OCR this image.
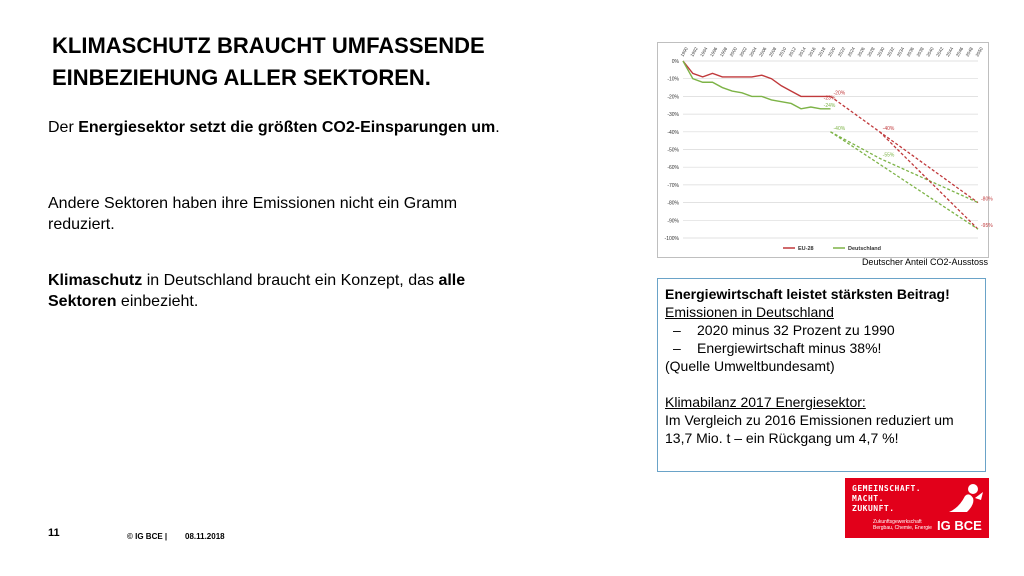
KLIMASCHUTZ BRAUCHT UMFASSENDE
EINBEZIEHUNG ALLER SEKTOREN.
Der Energiesektor setzt die größten CO2-Einsparungen um.
Andere Sektoren haben ihre Emissionen nicht ein Gramm reduziert.
Klimaschutz in Deutschland braucht ein Konzept, das alle Sektoren einbezieht.
0%
-10%
-20%
-30%
-40%
-50%
-60%
-70%
-80%
-90%
-100%
1990 1992 1994 1996 1998 2000 2002 2004 2006 2008 2010 2012 2014 2016 2018 2020 2022 2024 2026 2028 2030 2032 2034 2036 2038 2040 2042 2044 2046 2048 2050
-23%
-20%
-24%
-40%	-40%
-55%
-80%
-95%
EU-28	Deutschland
Deutscher Anteil CO2-Ausstoss
Energiewirtschaft leistet stärksten Beitrag!
Emissionen in Deutschland
–	2020 minus 32 Prozent zu 1990
–	Energiewirtschaft minus 38%!
(Quelle Umweltbundesamt)
Klimabilanz 2017 Energiesektor:
Im Vergleich zu 2016 Emissionen reduziert um 13,7 Mio. t – ein Rückgang um 4,7 %!
GEMEINSCHAFT.
MACHT.
ZUKUNFT.
Zukunftsgewerkschaft
Bergbau, Chemie, Energie IG BCE
11	© IG BCE | 08.11.2018
